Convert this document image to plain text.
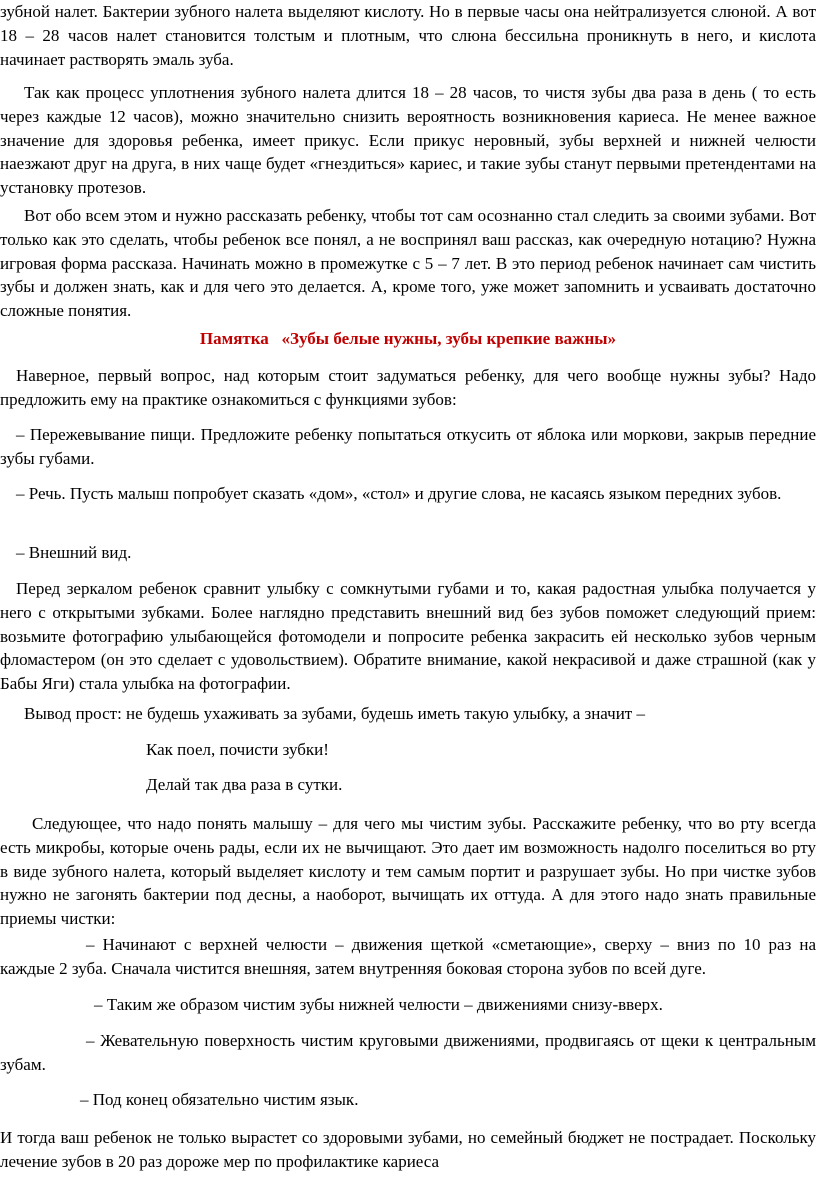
зубной налет. Бактерии зубного налета выделяют кислоту. Но в первые часы она нейтрализуется слюной. А вот 18 – 28 часов налет становится толстым и плотным, что слюна бессильна проникнуть в него, и кислота начинает растворять эмаль зуба.

Так как процесс уплотнения зубного налета длится 18 – 28 часов, то чистя зубы два раза в день ( то есть через каждые 12 часов), можно значительно снизить вероятность возникновения кариеса. Не менее важное значение для здоровья ребенка, имеет прикус. Если прикус неровный, зубы верхней и нижней челюсти наезжают друг на друга, в них чаще будет «гнездиться» кариес, и такие зубы станут первыми претендентами на установку протезов.

Вот обо всем этом и нужно рассказать ребенку, чтобы тот сам осознанно стал следить за своими зубами. Вот только как это сделать, чтобы ребенок все понял, а не воспринял ваш рассказ, как очередную нотацию? Нужна игровая форма рассказа. Начинать можно в промежутке с 5 – 7 лет. В это период ребенок начинает сам чистить зубы и должен знать, как и для чего это делается. А, кроме того, уже может запомнить и усваивать достаточно сложные понятия.

Памятка   «Зубы белые нужны, зубы крепкие важны»

Наверное, первый вопрос, над которым стоит задуматься ребенку, для чего вообще нужны зубы? Надо предложить ему на практике ознакомиться с функциями зубов:

– Пережевывание пищи. Предложите ребенку попытаться откусить от яблока или моркови, закрыв передние зубы губами.

– Речь. Пусть малыш попробует сказать «дом», «стол» и другие слова, не касаясь языком передних зубов.

– Внешний вид.

Перед зеркалом ребенок сравнит улыбку с сомкнутыми губами и то, какая радостная улыбка получается у него с открытыми зубками. Более наглядно представить внешний вид без зубов поможет следующий прием: возьмите фотографию улыбающейся фотомодели и попросите ребенка закрасить ей несколько зубов черным фломастером (он это сделает с удовольствием). Обратите внимание, какой некрасивой и даже страшной (как у Бабы Яги) стала улыбка на фотографии.

Вывод прост: не будешь ухаживать за зубами, будешь иметь такую улыбку, а значит –

Как поел, почисти зубки!

Делай так два раза в сутки.

Следующее, что надо понять малышу – для чего мы чистим зубы. Расскажите ребенку, что во рту всегда есть микробы, которые очень рады, если их не вычищают. Это дает им возможность надолго поселиться во рту в виде зубного налета, который выделяет кислоту и тем самым портит и разрушает зубы. Но при чистке зубов нужно не загонять бактерии под десны, а наоборот, вычищать их оттуда. А для этого надо знать правильные приемы чистки:

– Начинают с верхней челюсти – движения щеткой «сметающие», сверху – вниз по 10 раз на каждые 2 зуба. Сначала чистится внешняя, затем внутренняя боковая сторона зубов по всей дуге.

– Таким же образом чистим зубы нижней челюсти – движениями снизу-вверх.

– Жевательную поверхность чистим круговыми движениями, продвигаясь от щеки к центральным зубам.

– Под конец обязательно чистим язык.

И тогда ваш ребенок не только вырастет со здоровыми зубами, но семейный бюджет не пострадает. Поскольку лечение зубов в 20 раз дороже мер по профилактике кариеса
